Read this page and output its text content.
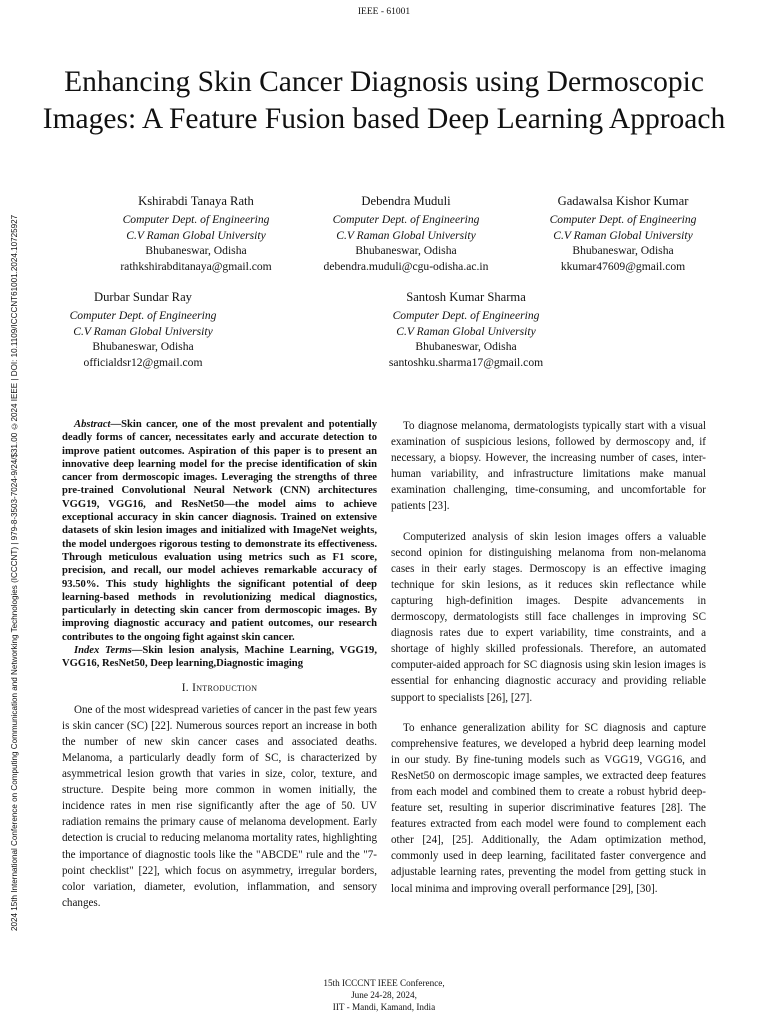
IEEE - 61001
2024 15th International Conference on Computing Communication and Networking Technologies (ICCCNT) | 979-8-3503-7024-9/24/$31.00 ©2024 IEEE | DOI: 10.1109/ICCCNT61001.2024.10725927
Enhancing Skin Cancer Diagnosis using Dermoscopic Images: A Feature Fusion based Deep Learning Approach
Kshirabdi Tanaya Rath
Computer Dept. of Engineering
C.V Raman Global University
Bhubaneswar, Odisha
rathkshirabditanaya@gmail.com
Debendra Muduli
Computer Dept. of Engineering
C.V Raman Global University
Bhubaneswar, Odisha
debendra.muduli@cgu-odisha.ac.in
Gadawalsa Kishor Kumar
Computer Dept. of Engineering
C.V Raman Global University
Bhubaneswar, Odisha
kkumar47609@gmail.com
Durbar Sundar Ray
Computer Dept. of Engineering
C.V Raman Global University
Bhubaneswar, Odisha
officialdsr12@gmail.com
Santosh Kumar Sharma
Computer Dept. of Engineering
C.V Raman Global University
Bhubaneswar, Odisha
santoshku.sharma17@gmail.com

Abstract—Skin cancer, one of the most prevalent and potentially deadly forms of cancer, necessitates early and accurate detection to improve patient outcomes. Aspiration of this paper is to present an innovative deep learning model for the precise identification of skin cancer from dermoscopic images. Leveraging the strengths of three pre-trained Convolutional Neural Network (CNN) architectures VGG19, VGG16, and ResNet50—the model aims to achieve exceptional accuracy in skin cancer diagnosis. Trained on extensive datasets of skin lesion images and initialized with ImageNet weights, the model undergoes rigorous testing to demonstrate its effectiveness. Through meticulous evaluation using metrics such as F1 score, precision, and recall, our model achieves remarkable accuracy of 93.50%. This study highlights the significant potential of deep learning-based methods in revolutionizing medical diagnostics, particularly in detecting skin cancer from dermoscopic images. By improving diagnostic accuracy and patient outcomes, our research contributes to the ongoing fight against skin cancer.

Index Terms—Skin lesion analysis, Machine Learning, VGG19, VGG16, ResNet50, Deep learning,Diagnostic imaging

I. Introduction

One of the most widespread varieties of cancer in the past few years is skin cancer (SC) [22]. Numerous sources report an increase in both the number of new skin cancer cases and associated deaths. Melanoma, a particularly deadly form of SC, is characterized by asymmetrical lesion growth that varies in size, color, texture, and structure. Despite being more common in women initially, the incidence rates in men rise significantly after the age of 50. UV radiation remains the primary cause of melanoma development. Early detection is crucial to reducing melanoma mortality rates, highlighting the importance of diagnostic tools like the "ABCDE" rule and the "7-point checklist" [22], which focus on asymmetry, irregular borders, color variation, diameter, evolution, inflammation, and sensory changes.

To diagnose melanoma, dermatologists typically start with a visual examination of suspicious lesions, followed by dermoscopy and, if necessary, a biopsy. However, the increasing number of cases, inter-human variability, and infrastructure limitations make manual examination challenging, time-consuming, and uncomfortable for patients [23].

Computerized analysis of skin lesion images offers a valuable second opinion for distinguishing melanoma from non-melanoma cases in their early stages. Dermoscopy is an effective imaging technique for skin lesions, as it reduces skin reflectance while capturing high-definition images. Despite advancements in dermoscopy, dermatologists still face challenges in improving SC diagnosis rates due to expert variability, time constraints, and a shortage of highly skilled professionals. Therefore, an automated computer-aided approach for SC diagnosis using skin lesion images is essential for enhancing diagnostic accuracy and providing reliable support to specialists [26], [27].

To enhance generalization ability for SC diagnosis and capture comprehensive features, we developed a hybrid deep learning model in our study. By fine-tuning models such as VGG19, VGG16, and ResNet50 on dermoscopic image samples, we extracted deep features from each model and combined them to create a robust hybrid deep-feature set, resulting in superior discriminative features [28]. The features extracted from each model were found to complement each other [24], [25]. Additionally, the Adam optimization method, commonly used in deep learning, facilitated faster convergence and adjustable learning rates, preventing the model from getting stuck in local minima and improving overall performance [29], [30].

15th ICCCNT IEEE Conference,
June 24-28, 2024,
IIT - Mandi, Kamand, India
